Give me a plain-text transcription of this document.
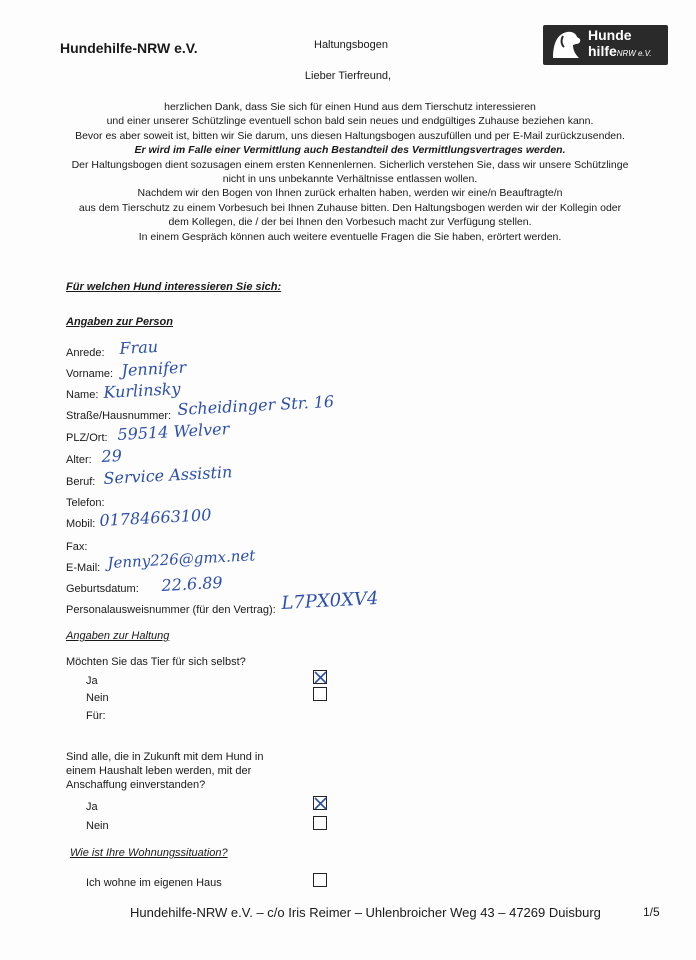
Hundehilfe-NRW e.V.	Haltungsbogen
Hunde
hilfeNRW e.V.
Lieber Tierfreund,
herzlichen Dank, dass Sie sich für einen Hund aus dem Tierschutz interessieren
und einer unserer Schützlinge eventuell schon bald sein neues und endgültiges Zuhause beziehen kann.
Bevor es aber soweit ist, bitten wir Sie darum, uns diesen Haltungsbogen auszufüllen und per E-Mail zurückzusenden.
Er wird im Falle einer Vermittlung auch Bestandteil des Vermittlungsvertrages werden.
Der Haltungsbogen dient sozusagen einem ersten Kennenlernen. Sicherlich verstehen Sie, dass wir unsere Schützlinge
nicht in uns unbekannte Verhältnisse entlassen wollen.
Nachdem wir den Bogen von Ihnen zurück erhalten haben, werden wir eine/n Beauftragte/n
aus dem Tierschutz zu einem Vorbesuch bei Ihnen Zuhause bitten. Den Haltungsbogen werden wir der Kollegin oder
dem Kollegen, die / der bei Ihnen den Vorbesuch macht zur Verfügung stellen.
In einem Gespräch können auch weitere eventuelle Fragen die Sie haben, erörtert werden.
Für welchen Hund interessieren Sie sich:
Angaben zur Person
Anrede: Frau
Vorname: Jennifer
Name: Kurlinsky
Straße/Hausnummer: Scheidinger Str. 16
PLZ/Ort: 59514 Welver
Alter: 29
Beruf: Service Assistin
Telefon:
Mobil: 01784663100
Fax:
E-Mail: Jenny226@gmx.net
Geburtsdatum: 22.6.89
Personalausweisnummer (für den Vertrag): L7PX0XV4
Angaben zur Haltung
Möchten Sie das Tier für sich selbst?
Ja
Nein
Für:
Sind alle, die in Zukunft mit dem Hund in
einem Haushalt leben werden, mit der
Anschaffung einverstanden?
Ja
Nein
Wie ist Ihre Wohnungssituation?
Ich wohne im eigenen Haus
Hundehilfe-NRW e.V. – c/o Iris Reimer – Uhlenbroicher Weg 43 – 47269 Duisburg	1/5
